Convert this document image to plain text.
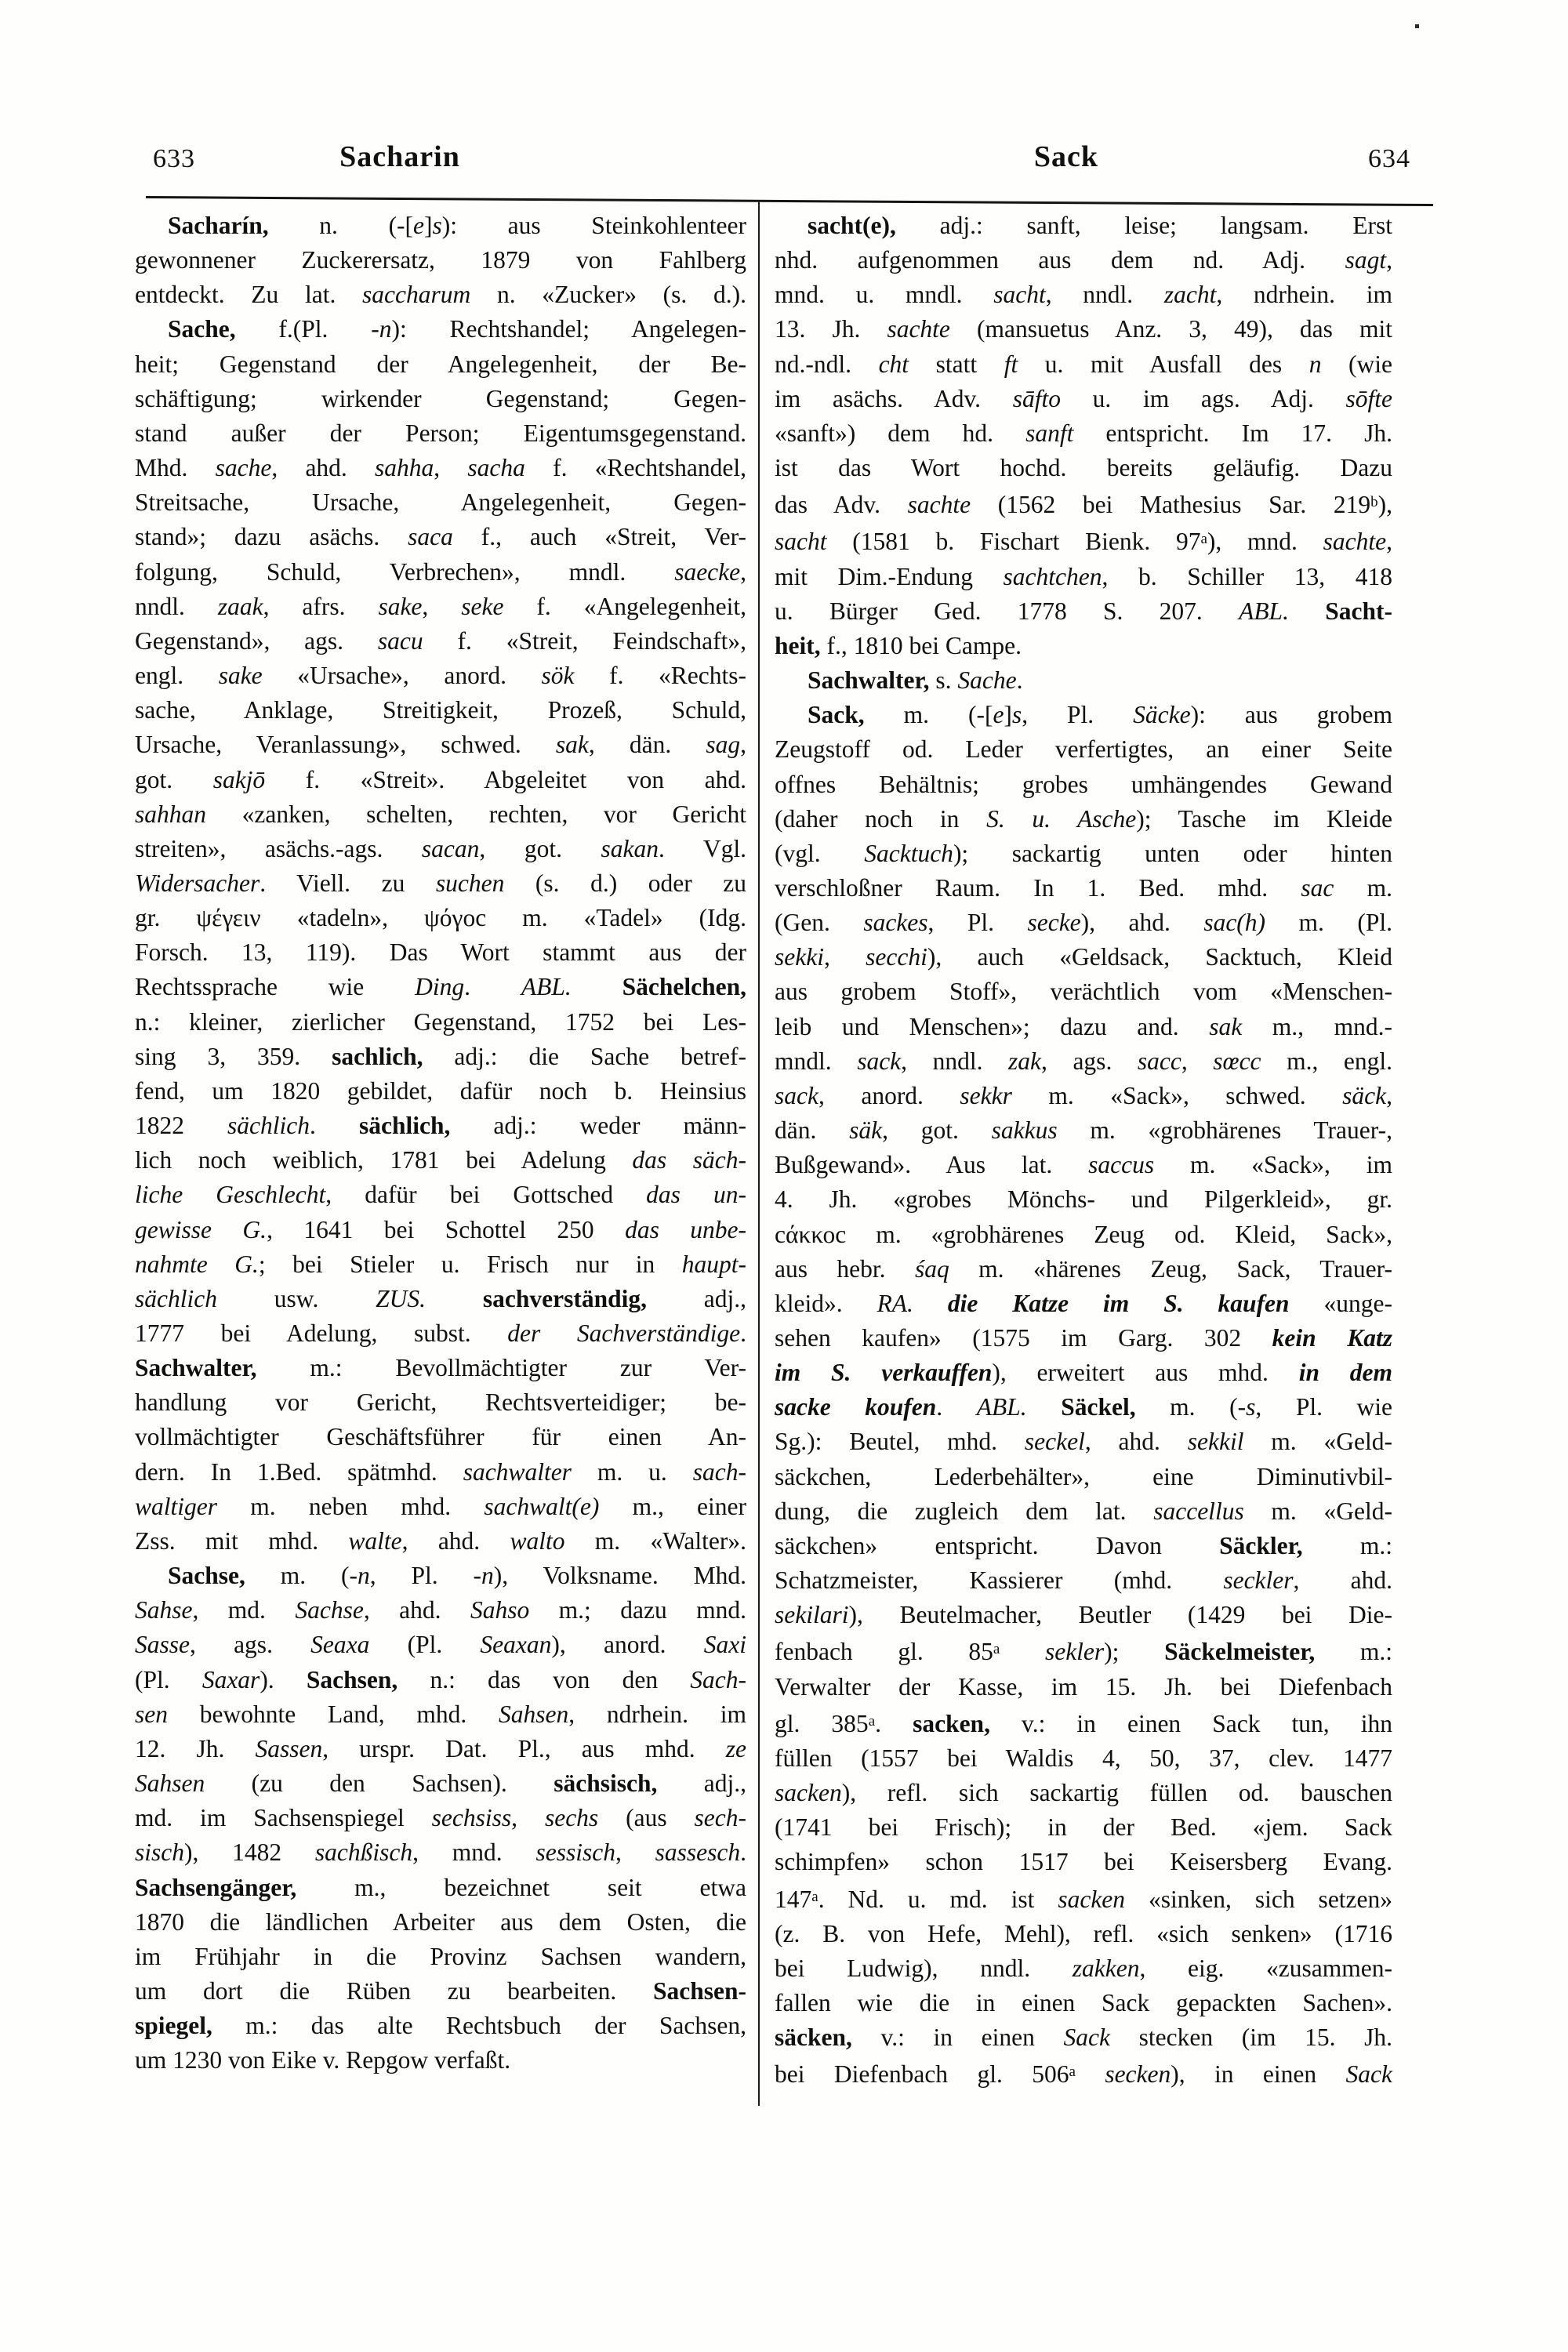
633	Sacharin	Sack	634
Sacharín, n. (-[e]s): aus Steinkohlenteer
gewonnener Zuckerersatz, 1879 von Fahlberg
entdeckt. Zu lat. saccharum n. «Zucker» (s. d.).
Sache, f.(Pl. -n): Rechtshandel; Angelegen-
heit; Gegenstand der Angelegenheit, der Be-
schäftigung; wirkender Gegenstand; Gegen-
stand außer der Person; Eigentumsgegenstand.
Mhd. sache, ahd. sahha, sacha f. «Rechtshandel,
Streitsache, Ursache, Angelegenheit, Gegen-
stand»; dazu asächs. saca f., auch «Streit, Ver-
folgung, Schuld, Verbrechen», mndl. saecke,
nndl. zaak, afrs. sake, seke f. «Angelegenheit,
Gegenstand», ags. sacu f. «Streit, Feindschaft»,
engl. sake «Ursache», anord. sök f. «Rechts-
sache, Anklage, Streitigkeit, Prozeß, Schuld,
Ursache, Veranlassung», schwed. sak, dän. sag,
got. sakjō f. «Streit». Abgeleitet von ahd.
sahhan «zanken, schelten, rechten, vor Gericht
streiten», asächs.-ags. sacan, got. sakan. Vgl.
Widersacher. Viell. zu suchen (s. d.) oder zu
gr. ψέγειν «tadeln», ψόγοc m. «Tadel» (Idg.
Forsch. 13, 119). Das Wort stammt aus der
Rechtssprache wie Ding. ABL. Sächelchen,
n.: kleiner, zierlicher Gegenstand, 1752 bei Les-
sing 3, 359. sachlich, adj.: die Sache betref-
fend, um 1820 gebildet, dafür noch b. Heinsius
1822 sächlich. sächlich, adj.: weder männ-
lich noch weiblich, 1781 bei Adelung das säch-
liche Geschlecht, dafür bei Gottsched das un-
gewisse G., 1641 bei Schottel 250 das unbe-
nahmte G.; bei Stieler u. Frisch nur in haupt-
sächlich usw. ZUS. sachverständig, adj.,
1777 bei Adelung, subst. der Sachverständige.
Sachwalter, m.: Bevollmächtigter zur Ver-
handlung vor Gericht, Rechtsverteidiger; be-
vollmächtigter Geschäftsführer für einen An-
dern. In 1.Bed. spätmhd. sachwalter m. u. sach-
waltiger m. neben mhd. sachwalt(e) m., einer
Zss. mit mhd. walte, ahd. walto m. «Walter».
Sachse, m. (-n, Pl. -n), Volksname. Mhd.
Sahse, md. Sachse, ahd. Sahso m.; dazu mnd.
Sasse, ags. Seaxa (Pl. Seaxan), anord. Saxi
(Pl. Saxar). Sachsen, n.: das von den Sach-
sen bewohnte Land, mhd. Sahsen, ndrhein. im
12. Jh. Sassen, urspr. Dat. Pl., aus mhd. ze
Sahsen (zu den Sachsen). sächsisch, adj.,
md. im Sachsenspiegel sechsiss, sechs (aus sech-
sisch), 1482 sachßisch, mnd. sessisch, sassesch.
Sachsengänger, m., bezeichnet seit etwa
1870 die ländlichen Arbeiter aus dem Osten, die
im Frühjahr in die Provinz Sachsen wandern,
um dort die Rüben zu bearbeiten. Sachsen-
spiegel, m.: das alte Rechtsbuch der Sachsen,
um 1230 von Eike v. Repgow verfaßt.
sacht(e), adj.: sanft, leise; langsam. Erst
nhd. aufgenommen aus dem nd. Adj. sagt,
mnd. u. mndl. sacht, nndl. zacht, ndrhein. im
13. Jh. sachte (mansuetus Anz. 3, 49), das mit
nd.-ndl. cht statt ft u. mit Ausfall des n (wie
im asächs. Adv. sāfto u. im ags. Adj. sōfte
«sanft») dem hd. sanft entspricht. Im 17. Jh.
ist das Wort hochd. bereits geläufig. Dazu
das Adv. sachte (1562 bei Mathesius Sar. 219$^b$),
sacht (1581 b. Fischart Bienk. 97$^a$), mnd. sachte,
mit Dim.-Endung sachtchen, b. Schiller 13, 418
u. Bürger Ged. 1778 S. 207. ABL. Sacht-
heit, f., 1810 bei Campe.
Sachwalter, s. Sache.
Sack, m. (-[e]s, Pl. Säcke): aus grobem
Zeugstoff od. Leder verfertigtes, an einer Seite
offnes Behältnis; grobes umhängendes Gewand
(daher noch in S. u. Asche); Tasche im Kleide
(vgl. Sacktuch); sackartig unten oder hinten
verschloßner Raum. In 1. Bed. mhd. sac m.
(Gen. sackes, Pl. secke), ahd. sac(h) m. (Pl.
sekki, secchi), auch «Geldsack, Sacktuch, Kleid
aus grobem Stoff», verächtlich vom «Menschen-
leib und Menschen»; dazu and. sak m., mnd.-
mndl. sack, nndl. zak, ags. sacc, sœcc m., engl.
sack, anord. sekkr m. «Sack», schwed. säck,
dän. säk, got. sakkus m. «grobhärenes Trauer-,
Bußgewand». Aus lat. saccus m. «Sack», im
4. Jh. «grobes Mönchs- und Pilgerkleid», gr.
cάκκοc m. «grobhärenes Zeug od. Kleid, Sack»,
aus hebr. śaq m. «härenes Zeug, Sack, Trauer-
kleid». RA. die Katze im S. kaufen «unge-
sehen kaufen» (1575 im Garg. 302 kein Katz
im S. verkauffen), erweitert aus mhd. in dem
sacke koufen. ABL. Säckel, m. (-s, Pl. wie
Sg.): Beutel, mhd. seckel, ahd. sekkil m. «Geld-
säckchen, Lederbehälter», eine Diminutivbil-
dung, die zugleich dem lat. saccellus m. «Geld-
säckchen» entspricht. Davon Säckler, m.:
Schatzmeister, Kassierer (mhd. seckler, ahd.
sekilari), Beutelmacher, Beutler (1429 bei Die-
fenbach gl. 85$^a$ sekler); Säckelmeister, m.:
Verwalter der Kasse, im 15. Jh. bei Diefenbach
gl. 385$^a$. sacken, v.: in einen Sack tun, ihn
füllen (1557 bei Waldis 4, 50, 37, clev. 1477
sacken), refl. sich sackartig füllen od. bauschen
(1741 bei Frisch); in der Bed. «jem. Sack
schimpfen» schon 1517 bei Keisersberg Evang.
147$^a$. Nd. u. md. ist sacken «sinken, sich setzen»
(z. B. von Hefe, Mehl), refl. «sich senken» (1716
bei Ludwig), nndl. zakken, eig. «zusammen-
fallen wie die in einen Sack gepackten Sachen».
säcken, v.: in einen Sack stecken (im 15. Jh.
bei Diefenbach gl. 506$^a$ secken), in einen Sack
